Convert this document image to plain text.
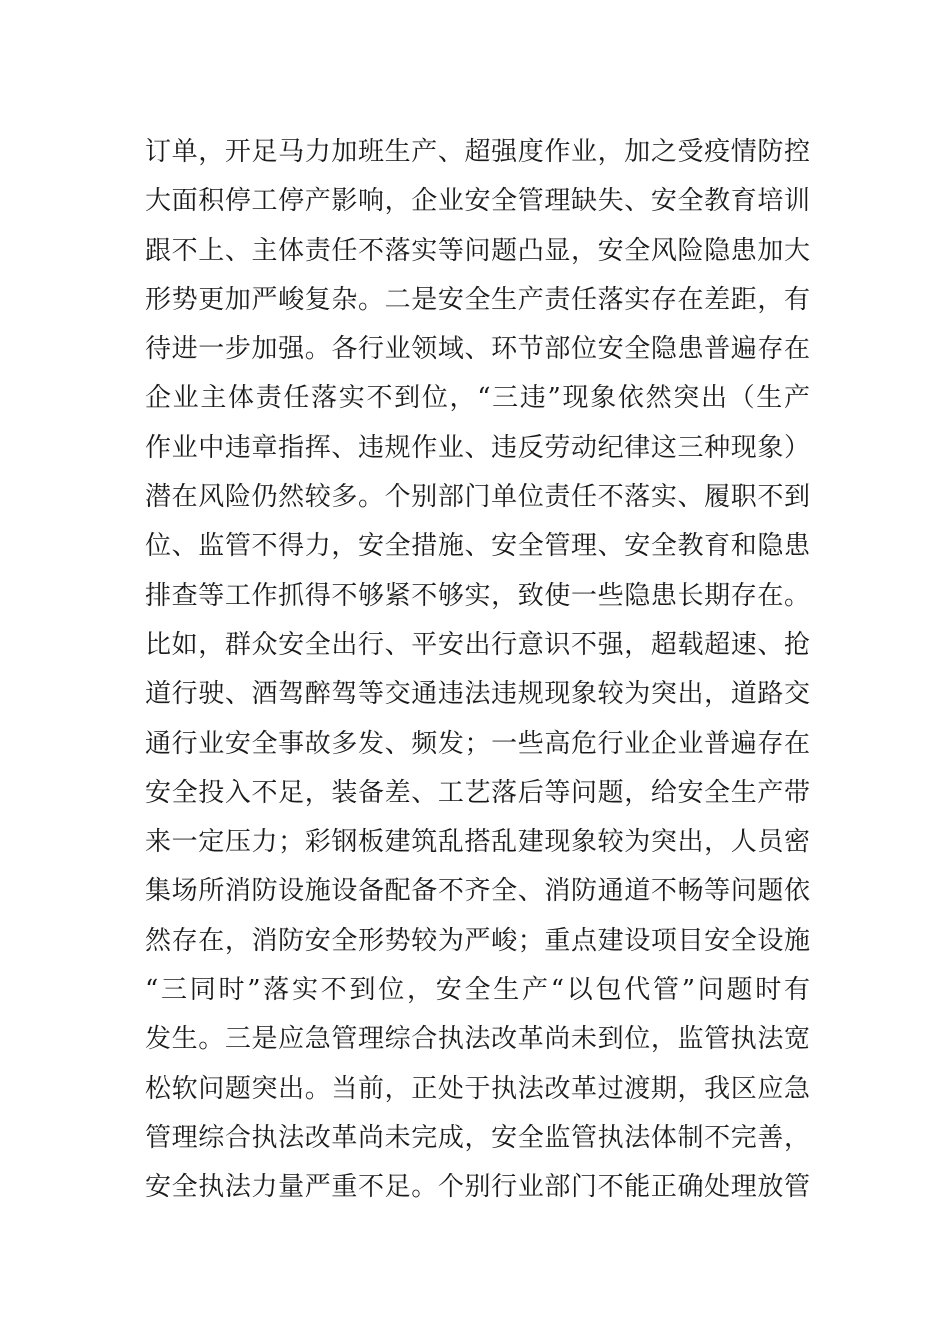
订单，开足马力加班生产、超强度作业，加之受疫情防控
大面积停工停产影响，企业安全管理缺失、安全教育培训
跟不上、主体责任不落实等问题凸显，安全风险隐患加大
形势更加严峻复杂。二是安全生产责任落实存在差距，有
待进一步加强。各行业领域、环节部位安全隐患普遍存在
企业主体责任落实不到位，“三违”现象依然突出（生产
作业中违章指挥、违规作业、违反劳动纪律这三种现象）
潜在风险仍然较多。个别部门单位责任不落实、履职不到
位、监管不得力，安全措施、安全管理、安全教育和隐患
排查等工作抓得不够紧不够实，致使一些隐患长期存在。
比如，群众安全出行、平安出行意识不强，超载超速、抢
道行驶、酒驾醉驾等交通违法违规现象较为突出，道路交
通行业安全事故多发、频发；一些高危行业企业普遍存在
安全投入不足，装备差、工艺落后等问题，给安全生产带
来一定压力；彩钢板建筑乱搭乱建现象较为突出，人员密
集场所消防设施设备配备不齐全、消防通道不畅等问题依
然存在，消防安全形势较为严峻；重点建设项目安全设施
“三同时”落实不到位，安全生产“以包代管”问题时有
发生。三是应急管理综合执法改革尚未到位，监管执法宽
松软问题突出。当前，正处于执法改革过渡期，我区应急
管理综合执法改革尚未完成，安全监管执法体制不完善，
安全执法力量严重不足。个别行业部门不能正确处理放管
